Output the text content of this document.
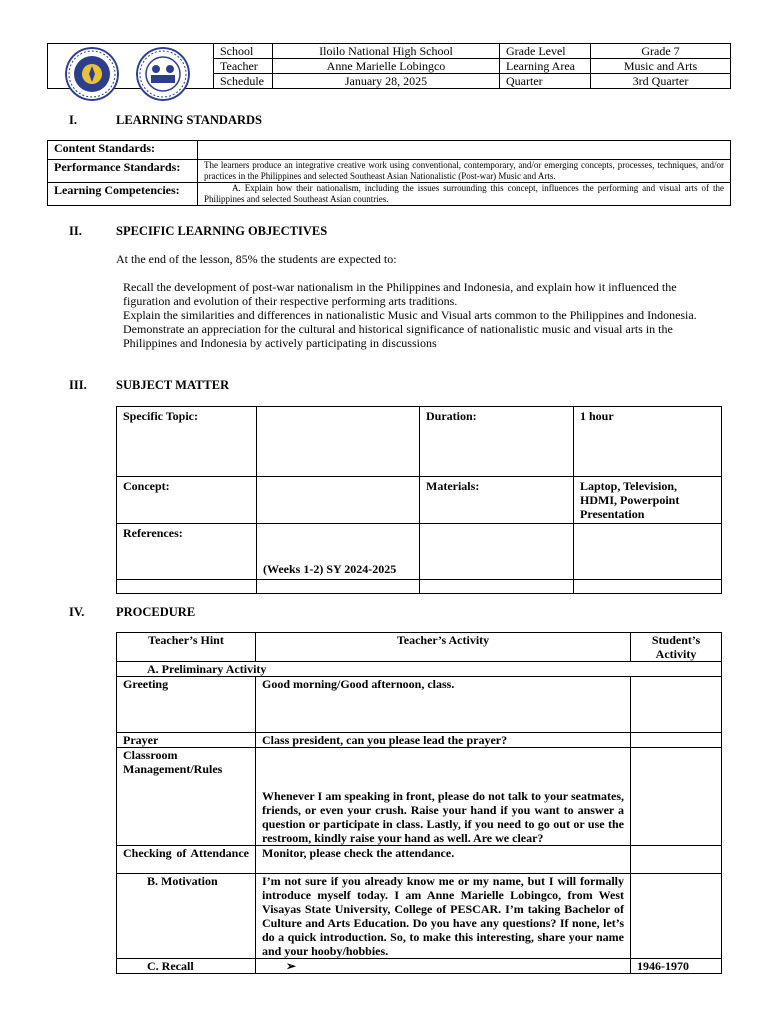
	School	Iloilo National High School	Grade Level	Grade 7
	Teacher	Anne Marielle Lobingco	Learning Area	Music and Arts
	Schedule	January 28, 2025	Quarter	3rd Quarter
I.	LEARNING STANDARDS
Content Standards:	
Performance Standards:	The learners produce an integrative creative work using conventional, contemporary, and/or emerging concepts, processes, techniques, and/or practices in the Philippines and selected Southeast Asian Nationalistic (Post-war) Music and Arts.
Learning Competencies:	A. Explain how their nationalism, including the issues surrounding this concept, influences the performing and visual arts of the Philippines and selected Southeast Asian countries.
II.	SPECIFIC LEARNING OBJECTIVES
At the end of the lesson, 85% the students are expected to:
Recall the development of post-war nationalism in the Philippines and Indonesia, and explain how it influenced the figuration and evolution of their respective performing arts traditions.
Explain the similarities and differences in nationalistic Music and Visual arts common to the Philippines and Indonesia.
Demonstrate an appreciation for the cultural and historical significance of nationalistic music and visual arts in the Philippines and Indonesia by actively participating in discussions
III. SUBJECT MATTER
Specific Topic:		Duration:	1 hour
Concept:		Materials:	Laptop, Television, HDMI, Powerpoint Presentation
References:	(Weeks 1-2) SY 2024-2025		

IV.	PROCEDURE
Teacher’s Hint	Teacher’s Activity	Student’s Activity
A. Preliminary Activity		
Greeting	Good morning/Good afternoon, class.	
Prayer	Class president, can you please lead the prayer?	
Classroom Management/Rules	Whenever I am speaking in front, please do not talk to your seatmates, friends, or even your crush. Raise your hand if you want to answer a question or participate in class. Lastly, if you need to go out or use the restroom, kindly raise your hand as well. Are we clear?	
Checking of Attendance	Monitor, please check the attendance.	
B. Motivation	I’m not sure if you already know me or my name, but I will formally introduce myself today. I am Anne Marielle Lobingco, from West Visayas State University, College of PESCAR. I’m taking Bachelor of Culture and Arts Education. Do you have any questions? If none, let’s do a quick introduction. So, to make this interesting, share your name and your hooby/hobbies.	
C. Recall	➢	1946-1970
